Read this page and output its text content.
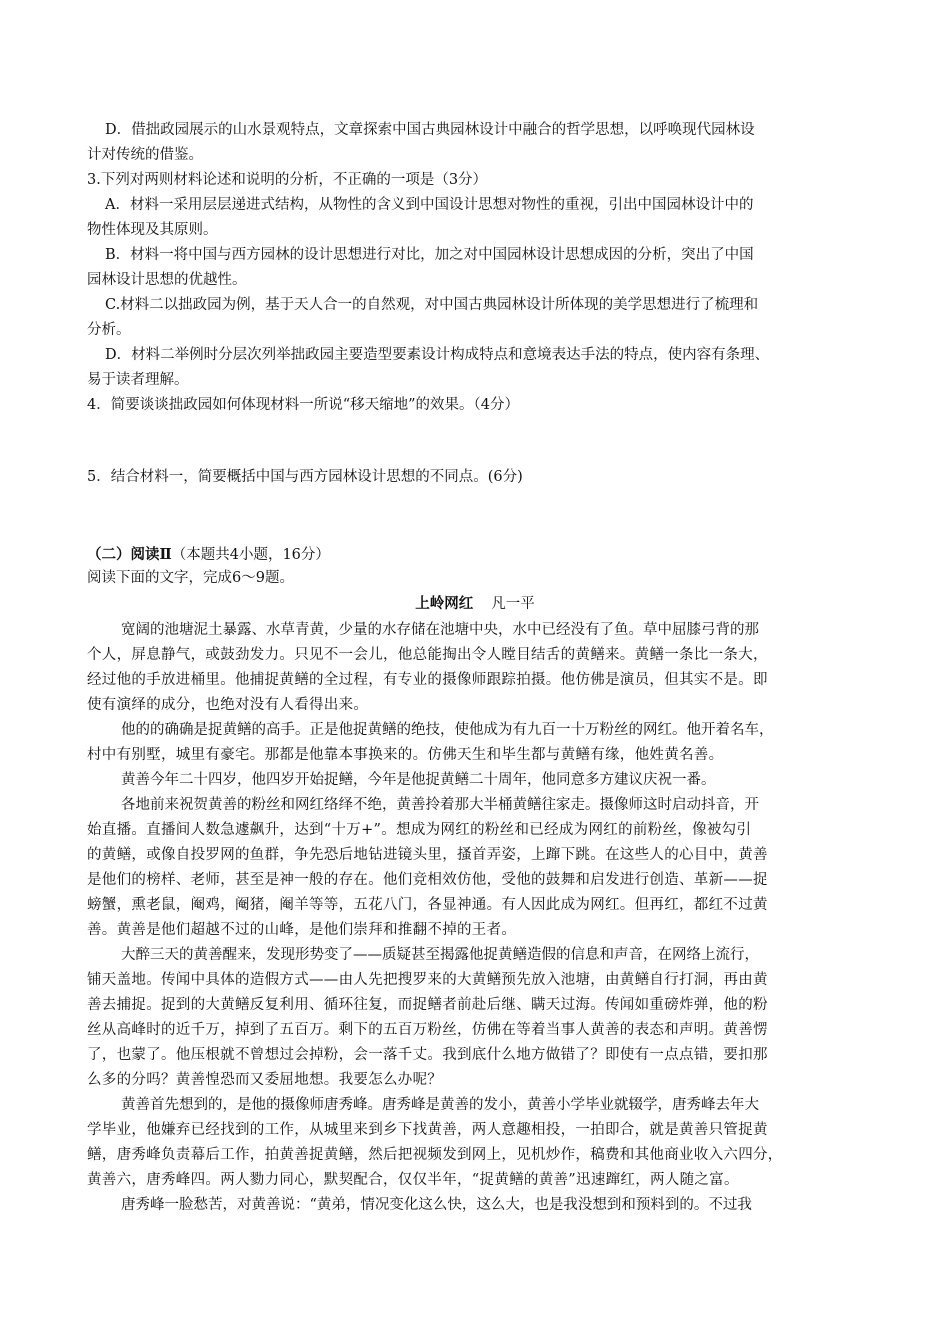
D．借拙政园展示的山水景观特点，文章探索中国古典园林设计中融合的哲学思想，以呼唤现代园林设
计对传统的借鉴。
3.下列对两则材料论述和说明的分析，不正确的一项是（3分）
A．材料一采用层层递进式结构，从物性的含义到中国设计思想对物性的重视，引出中国园林设计中的
物性体现及其原则。
B．材料一将中国与西方园林的设计思想进行对比，加之对中国园林设计思想成因的分析，突出了中国
园林设计思想的优越性。
C.材料二以拙政园为例，基于天人合一的自然观，对中国古典园林设计所体现的美学思想进行了梳理和
分析。
D．材料二举例时分层次列举拙政园主要造型要素设计构成特点和意境表达手法的特点，使内容有条理、
易于读者理解。
4．简要谈谈拙政园如何体现材料一所说“移天缩地”的效果。（4分）
5．结合材料一，简要概括中国与西方园林设计思想的不同点。(6分)
（二）阅读Ⅱ（本题共4小题，16分）
阅读下面的文字，完成6～9题。
上岭网红 凡一平
宽阔的池塘泥土暴露、水草青黄，少量的水存储在池塘中央，水中已经没有了鱼。草中屈膝弓背的那
个人，屏息静气，或鼓劲发力。只见不一会儿，他总能掏出令人瞠目结舌的黄鳝来。黄鳝一条比一条大，
经过他的手放进桶里。他捕捉黄鳝的全过程，有专业的摄像师跟踪拍摄。他仿佛是演员，但其实不是。即
使有演绎的成分，也绝对没有人看得出来。
他的的确确是捉黄鳝的高手。正是他捉黄鳝的绝技，使他成为有九百一十万粉丝的网红。他开着名车，
村中有别墅，城里有豪宅。那都是他靠本事换来的。仿佛天生和毕生都与黄鳝有缘，他姓黄名善。
黄善今年二十四岁，他四岁开始捉鳝，今年是他捉黄鳝二十周年，他同意多方建议庆祝一番。
各地前来祝贺黄善的粉丝和网红络绎不绝，黄善拎着那大半桶黄鳝往家走。摄像师这时启动抖音，开
始直播。直播间人数急遽飙升，达到“十万+”。想成为网红的粉丝和已经成为网红的前粉丝，像被勾引
的黄鳝，或像自投罗网的鱼群，争先恐后地钻进镜头里，搔首弄姿，上蹿下跳。在这些人的心目中，黄善
是他们的榜样、老师，甚至是神一般的存在。他们竞相效仿他，受他的鼓舞和启发进行创造、革新——捉
螃蟹，熏老鼠，阉鸡，阉猪，阉羊等等，五花八门，各显神通。有人因此成为网红。但再红，都红不过黄
善。黄善是他们超越不过的山峰，是他们崇拜和推翻不掉的王者。
大醉三天的黄善醒来，发现形势变了——质疑甚至揭露他捉黄鳝造假的信息和声音，在网络上流行，
铺天盖地。传闻中具体的造假方式——由人先把搜罗来的大黄鳝预先放入池塘，由黄鳝自行打洞，再由黄
善去捕捉。捉到的大黄鳝反复利用、循环往复，而捉鳝者前赴后继、瞒天过海。传闻如重磅炸弹，他的粉
丝从高峰时的近千万，掉到了五百万。剩下的五百万粉丝，仿佛在等着当事人黄善的表态和声明。黄善愣
了，也蒙了。他压根就不曾想过会掉粉，会一落千丈。我到底什么地方做错了？即使有一点点错，要扣那
么多的分吗？黄善惶恐而又委屈地想。我要怎么办呢？
黄善首先想到的，是他的摄像师唐秀峰。唐秀峰是黄善的发小，黄善小学毕业就辍学，唐秀峰去年大
学毕业，他嫌弃已经找到的工作，从城里来到乡下找黄善，两人意趣相投，一拍即合，就是黄善只管捉黄
鳝，唐秀峰负责幕后工作，拍黄善捉黄鳝，然后把视频发到网上，见机炒作，稿费和其他商业收入六四分，
黄善六，唐秀峰四。两人勠力同心，默契配合，仅仅半年，“捉黄鳝的黄善”迅速蹿红，两人随之富。
唐秀峰一脸愁苦，对黄善说：“黄弟，情况变化这么快，这么大，也是我没想到和预料到的。不过我
